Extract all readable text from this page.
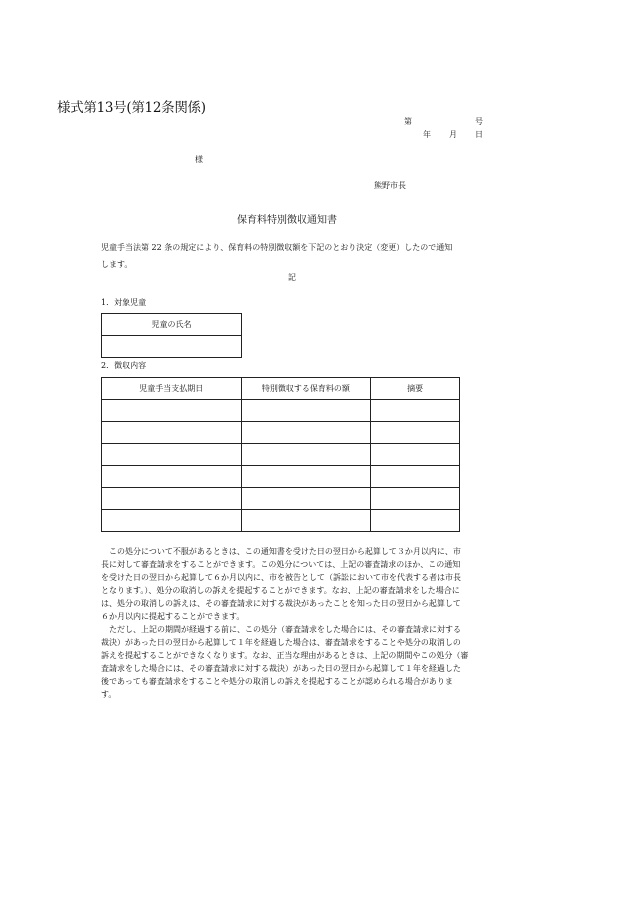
様式第13号(第12条関係)
第	号
年 月 日
様
熊野市長
保育料特別徴収通知書
児童手当法第 22 条の規定により、保育料の特別徴収額を下記のとおり決定（変更）したので通知
します。
記
1．対象児童
児童の氏名

2．徴収内容
児童手当支払期日	特別徴収する保育料の額	摘要

　この処分について不服があるときは、この通知書を受けた日の翌日から起算して３か月以内に、市
長に対して審査請求をすることができます。この処分については、上記の審査請求のほか、この通知
を受けた日の翌日から起算して６か月以内に、市を被告として（訴訟において市を代表する者は市長
となります。）、処分の取消しの訴えを提起することができます。なお、上記の審査請求をした場合に
は、処分の取消しの訴えは、その審査請求に対する裁決があったことを知った日の翌日から起算して
６か月以内に提起することができます。
　ただし、上記の期間が経過する前に、この処分（審査請求をした場合には、その審査請求に対する
裁決）があった日の翌日から起算して１年を経過した場合は、審査請求をすることや処分の取消しの
訴えを提起することができなくなります。なお、正当な理由があるときは、上記の期間やこの処分（審
査請求をした場合には、その審査請求に対する裁決）があった日の翌日から起算して１年を経過した
後であっても審査請求をすることや処分の取消しの訴えを提起することが認められる場合がありま
す。
